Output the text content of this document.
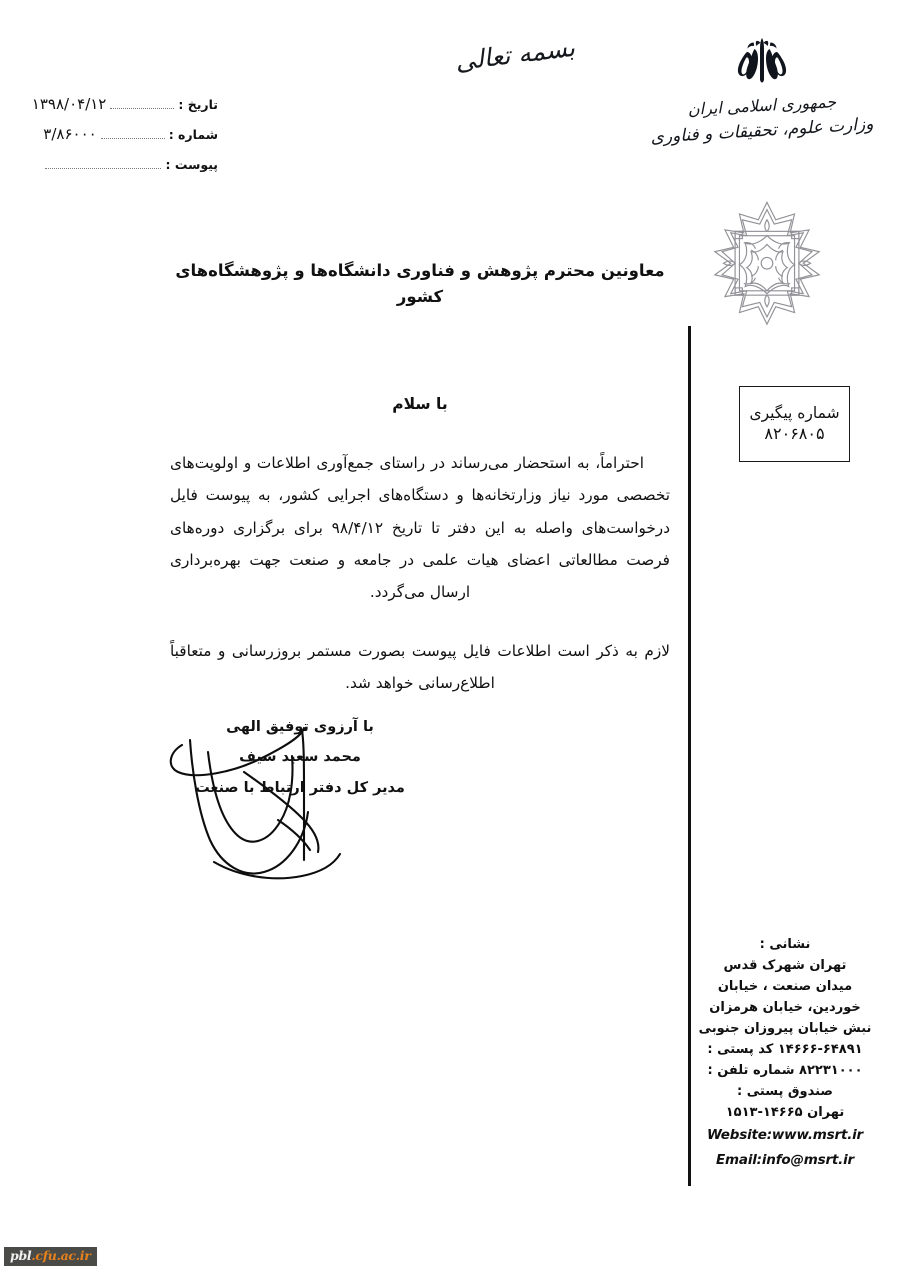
تاریخ :
۱۳۹۸/۰۴/۱۲
شماره :
۳/۸۶۰۰۰
پیوست :
بسمه تعالی
جمهوری اسلامی ایران
وزارت علوم، تحقیقات و فناوری
شماره پیگیری
۸۲۰۶۸۰۵
معاونین محترم پژوهش و فناوری دانشگاه‌ها و پژوهشگاه‌های کشور
با سلام

احتراماً، به استحضار می‌رساند در راستای جمع‌آوری اطلاعات و اولویت‌های تخصصی مورد نیاز وزارتخانه‌ها و دستگاه‌های اجرایی کشور، به پیوست فایل درخواست‌های واصله به این دفتر تا تاریخ ۹۸/۴/۱۲ برای برگزاری دوره‌های فرصت مطالعاتی اعضای هیات علمی در جامعه و صنعت جهت بهره‌برداری ارسال می‌گردد.

لازم به ذکر است اطلاعات فایل پیوست بصورت مستمر بروزرسانی و متعاقباً اطلاع‌رسانی خواهد شد.

با آرزوی توفیق الهی
محمد سعید سیف
مدیر کل دفتر ارتباط با صنعت
نشانی :
تهران شهرک قدس
میدان صنعت ، خیابان
خوردین، خیابان هرمزان
نبش خیابان پیروزان جنوبی
۱۴۶۶۶-۶۴۸۹۱ کد پستی :
۸۲۲۳۱۰۰۰ شماره تلفن :
صندوق پستی :
تهران ۱۴۶۶۵-۱۵۱۳
Website:www.msrt.ir
Email:info@msrt.ir
pbl.cfu.ac.ir
